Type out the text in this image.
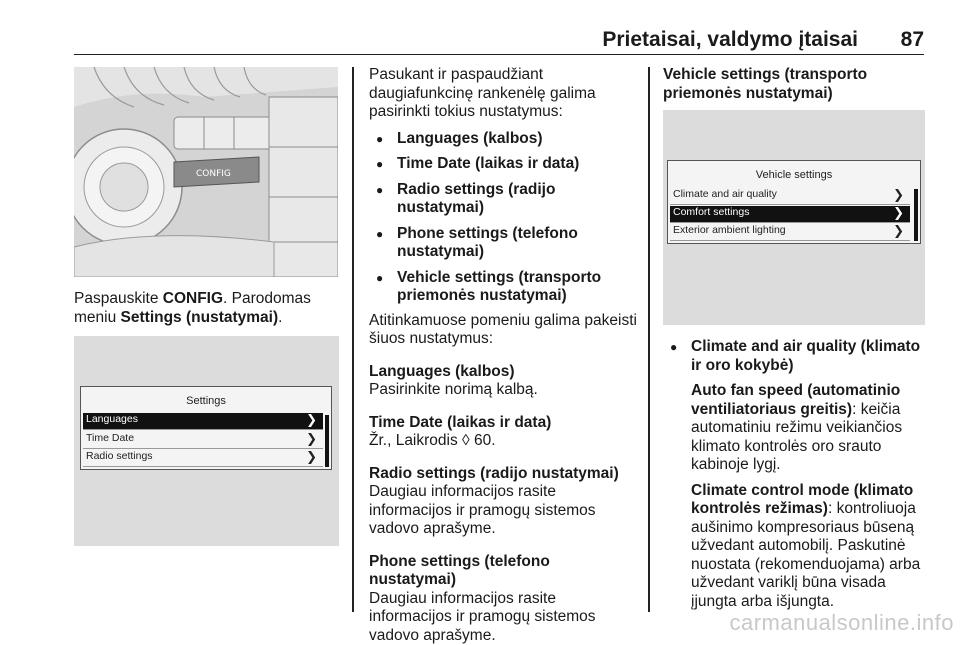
Prietaisai, valdymo įtaisai 87
CONFIG
Paspauskite CONFIG. Parodomas meniu Settings (nustatymai).
Settings
Languages	❯
Time Date	❯
Radio settings	❯

Pasukant ir paspaudžiant daugiafunkcinę rankenėlę galima pasirinkti tokius nustatymus:

● Languages (kalbos)
● Time Date (laikas ir data)
● Radio settings (radijo nustatymai)
● Phone settings (telefono nustatymai)
● Vehicle settings (transporto priemonės nustatymai)

Atitinkamuose pomeniu galima pakeisti šiuos nustatymus:

Languages (kalbos)

Pasirinkite norimą kalbą.

Time Date (laikas ir data)

Žr., Laikrodis ◊ 60.

Radio settings (radijo nustatymai)

Daugiau informacijos rasite informacijos ir pramogų sistemos vadovo aprašyme.

Phone settings (telefono nustatymai)

Daugiau informacijos rasite informacijos ir pramogų sistemos vadovo aprašyme.

Vehicle settings (transporto priemonės nustatymai)
Vehicle settings
Climate and air quality	❯
Comfort settings	❯
Exterior ambient lighting	❯
● Climate and air quality (klimato ir oro kokybė)

Auto fan speed (automatinio ventiliatoriaus greitis): keičia automatiniu režimu veikiančios klimato kontrolės oro srauto kabinoje lygį.

Climate control mode (klimato kontrolės režimas): kontroliuoja aušinimo kompresoriaus būseną užvedant automobilį. Paskutinė nuostata (rekomenduojama) arba užvedant variklį būna visada įjungta arba išjungta.

carmanualsonline.info
